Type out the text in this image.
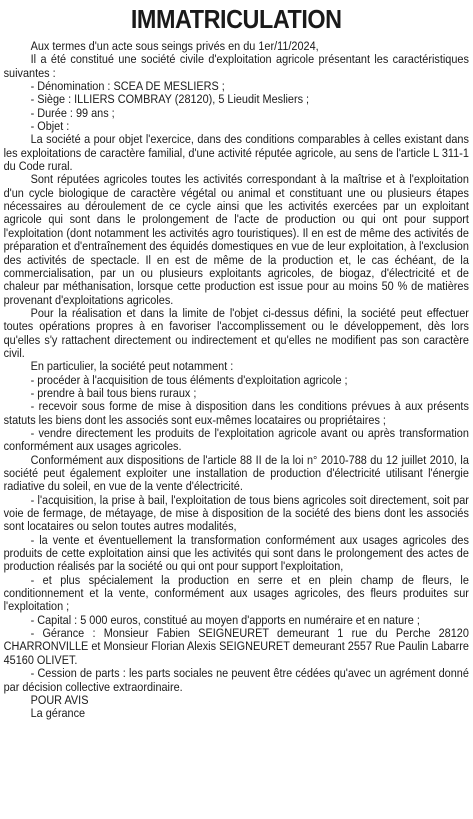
IMMATRICULATION

Aux termes d'un acte sous seings privés en du 1er/11/2024,

Il a été constitué une société civile d'exploitation agricole présentant les caractéristiques suivantes :

- Dénomination : SCEA DE MESLIERS ;

- Siège : ILLIERS COMBRAY (28120), 5 Lieudit Mesliers ;

- Durée : 99 ans ;

- Objet :

La société a pour objet l'exercice, dans des conditions comparables à celles existant dans les exploitations de caractère familial, d'une activité réputée agricole, au sens de l'article L 311-1 du Code rural.

Sont réputées agricoles toutes les activités correspondant à la maîtrise et à l'exploitation d'un cycle biologique de caractère végétal ou animal et constituant une ou plusieurs étapes nécessaires au déroulement de ce cycle ainsi que les activités exercées par un exploitant agricole qui sont dans le prolongement de l'acte de production ou qui ont pour support l'exploitation (dont notamment les activités agro touristiques). Il en est de même des activités de préparation et d'entraînement des équidés domestiques en vue de leur exploitation, à l'exclusion des activités de spectacle. Il en est de même de la production et, le cas échéant, de la commercialisation, par un ou plusieurs exploitants agricoles, de biogaz, d'électricité et de chaleur par méthanisation, lorsque cette production est issue pour au moins 50 % de matières provenant d'exploitations agricoles.

Pour la réalisation et dans la limite de l'objet ci-dessus défini, la société peut effectuer toutes opérations propres à en favoriser l'accomplissement ou le développement, dès lors qu'elles s'y rattachent directement ou indirectement et qu'elles ne modifient pas son caractère civil.

En particulier, la société peut notamment :

- procéder à l'acquisition de tous éléments d'exploitation agricole ;

- prendre à bail tous biens ruraux ;

- recevoir sous forme de mise à disposition dans les conditions prévues à aux présents statuts les biens dont les associés sont eux-mêmes locataires ou propriétaires ;

- vendre directement les produits de l'exploitation agricole avant ou après transformation conformément aux usages agricoles.

Conformément aux dispositions de l'article 88 II de la loi n° 2010-788 du 12 juillet 2010, la société peut également exploiter une installation de production d'électricité utilisant l'énergie radiative du soleil, en vue de la vente d'électricité.

- l'acquisition, la prise à bail, l'exploitation de tous biens agricoles soit directement, soit par voie de fermage, de métayage, de mise à disposition de la société des biens dont les associés sont locataires ou selon toutes autres modalités,

- la vente et éventuellement la transformation conformément aux usages agricoles des produits de cette exploitation ainsi que les activités qui sont dans le prolongement des actes de production réalisés par la société ou qui ont pour support l'exploitation,

- et plus spécialement la production en serre et en plein champ de fleurs, le conditionnement et la vente, conformément aux usages agricoles, des fleurs produites sur l'exploitation ;

- Capital : 5 000 euros, constitué au moyen d'apports en numéraire et en nature ;

- Gérance : Monsieur Fabien SEIGNEURET demeurant 1 rue du Perche 28120 CHARRONVILLE et Monsieur Florian Alexis SEIGNEURET demeurant 2557 Rue Paulin Labarre 45160 OLIVET.

- Cession de parts : les parts sociales ne peuvent être cédées qu'avec un agrément donné par décision collective extraordinaire.

POUR AVIS

La gérance
